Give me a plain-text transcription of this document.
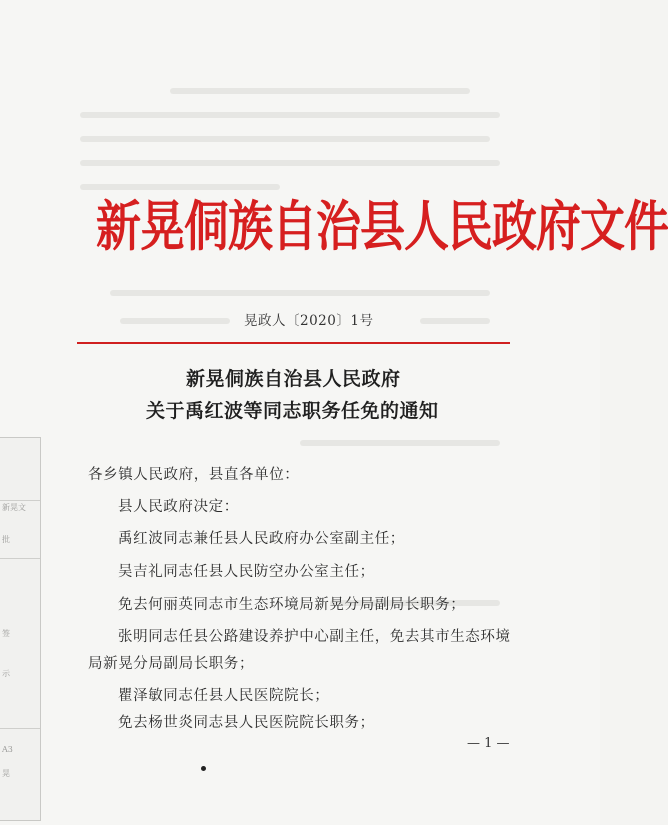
新晃侗族自治县人民政府文件
晃政人〔2020〕1号
新晃侗族自治县人民政府
关于禹红波等同志职务任免的通知
各乡镇人民政府，县直各单位：
县人民政府决定：
禹红波同志兼任县人民政府办公室副主任；
吴吉礼同志任县人民防空办公室主任；
免去何丽英同志市生态环境局新晃分局副局长职务；
张明同志任县公路建设养护中心副主任，免去其市生态环境
局新晃分局副局长职务；
瞿泽敏同志任县人民医院院长；
免去杨世炎同志县人民医院院长职务；
— 1 —
新晃文
批
签
示
A3
晃
